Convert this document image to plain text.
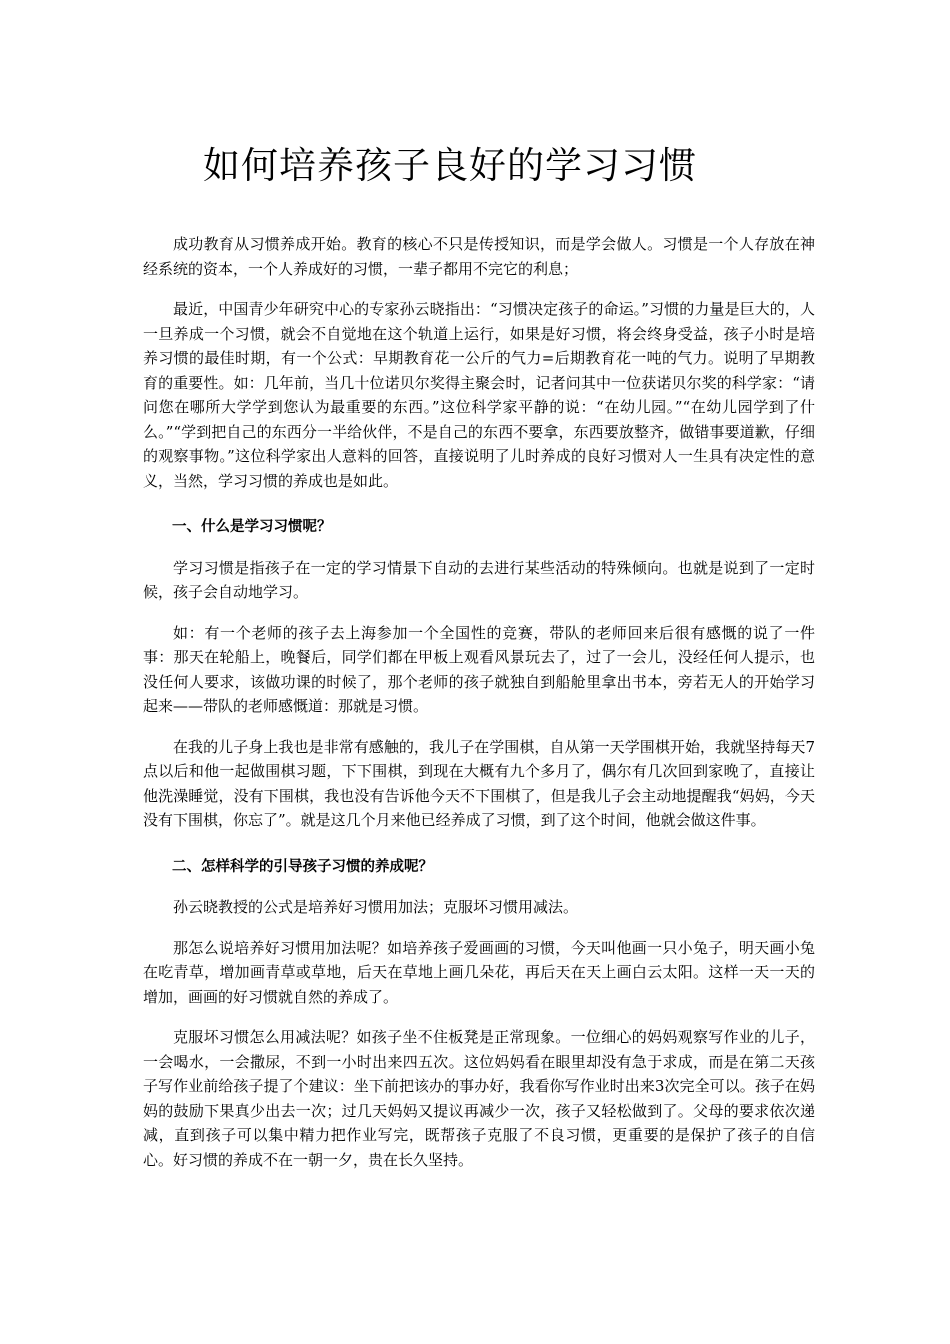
如何培养孩子良好的学习习惯

成功教育从习惯养成开始。教育的核心不只是传授知识，而是学会做人。习惯是一个人存放在神经系统的资本，一个人养成好的习惯，一辈子都用不完它的利息；

最近，中国青少年研究中心的专家孙云晓指出：“习惯决定孩子的命运。”习惯的力量是巨大的，人一旦养成一个习惯，就会不自觉地在这个轨道上运行，如果是好习惯，将会终身受益，孩子小时是培养习惯的最佳时期，有一个公式：早期教育花一公斤的气力=后期教育花一吨的气力。说明了早期教育的重要性。如：几年前，当几十位诺贝尔奖得主聚会时，记者问其中一位获诺贝尔奖的科学家：“请问您在哪所大学学到您认为最重要的东西。”这位科学家平静的说：“在幼儿园。”“在幼儿园学到了什么。”“学到把自己的东西分一半给伙伴，不是自己的东西不要拿，东西要放整齐，做错事要道歉，仔细的观察事物。”这位科学家出人意料的回答，直接说明了儿时养成的良好习惯对人一生具有决定性的意义，当然，学习习惯的养成也是如此。

一、什么是学习习惯呢？

学习习惯是指孩子在一定的学习情景下自动的去进行某些活动的特殊倾向。也就是说到了一定时候，孩子会自动地学习。

如：有一个老师的孩子去上海参加一个全国性的竞赛，带队的老师回来后很有感慨的说了一件事：那天在轮船上，晚餐后，同学们都在甲板上观看风景玩去了，过了一会儿，没经任何人提示，也没任何人要求，该做功课的时候了，那个老师的孩子就独自到船舱里拿出书本，旁若无人的开始学习起来——带队的老师感慨道：那就是习惯。

在我的儿子身上我也是非常有感触的，我儿子在学围棋，自从第一天学围棋开始，我就坚持每天7点以后和他一起做围棋习题，下下围棋，到现在大概有九个多月了，偶尔有几次回到家晚了，直接让他洗澡睡觉，没有下围棋，我也没有告诉他今天不下围棋了，但是我儿子会主动地提醒我“妈妈，今天没有下围棋，你忘了”。就是这几个月来他已经养成了习惯，到了这个时间，他就会做这件事。

二、怎样科学的引导孩子习惯的养成呢？

孙云晓教授的公式是培养好习惯用加法；克服坏习惯用减法。

那怎么说培养好习惯用加法呢？如培养孩子爱画画的习惯，今天叫他画一只小兔子，明天画小兔在吃青草，增加画青草或草地，后天在草地上画几朵花，再后天在天上画白云太阳。这样一天一天的增加，画画的好习惯就自然的养成了。

克服坏习惯怎么用减法呢？如孩子坐不住板凳是正常现象。一位细心的妈妈观察写作业的儿子，一会喝水，一会撒尿，不到一小时出来四五次。这位妈妈看在眼里却没有急于求成，而是在第二天孩子写作业前给孩子提了个建议：坐下前把该办的事办好，我看你写作业时出来3次完全可以。孩子在妈妈的鼓励下果真少出去一次；过几天妈妈又提议再减少一次，孩子又轻松做到了。父母的要求依次递减，直到孩子可以集中精力把作业写完，既帮孩子克服了不良习惯，更重要的是保护了孩子的自信心。好习惯的养成不在一朝一夕，贵在长久坚持。
